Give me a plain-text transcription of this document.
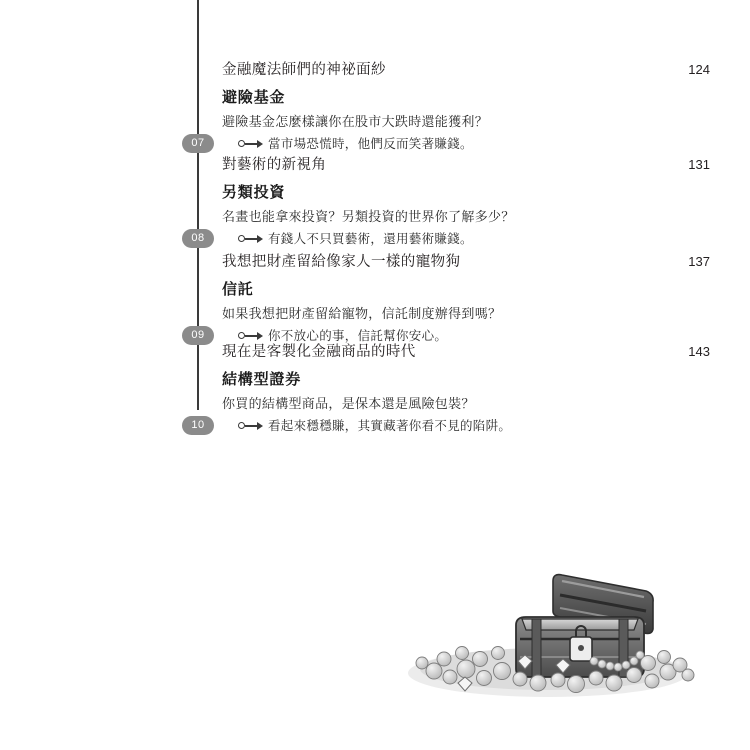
07
金融魔法師們的神祕面紗	124
避險基金
避險基金怎麼樣讓你在股市大跌時還能獲利？
當市場恐慌時，他們反而笑著賺錢。
08
對藝術的新視角	131
另類投資
名畫也能拿來投資？另類投資的世界你了解多少？
有錢人不只買藝術，還用藝術賺錢。
09
我想把財產留給像家人一樣的寵物狗	137
信託
如果我想把財產留給寵物，信託制度辦得到嗎？
你不放心的事，信託幫你安心。
10
現在是客製化金融商品的時代	143
結構型證券
你買的結構型商品，是保本還是風險包裝？
看起來穩穩賺，其實藏著你看不見的陷阱。
